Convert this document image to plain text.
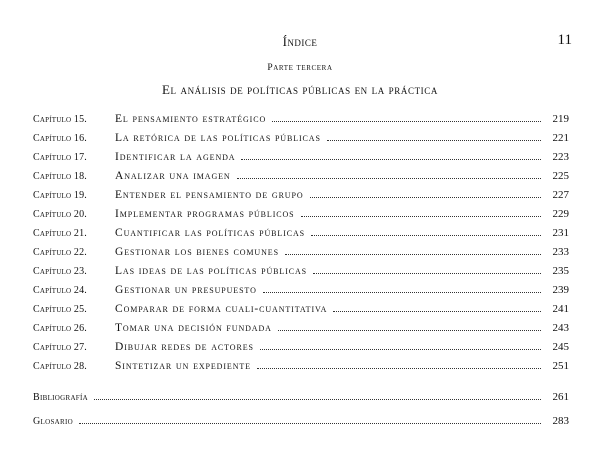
Índice	11
Parte tercera
El análisis de políticas públicas en la práctica
Capítulo 15.	El pensamiento estratégico	219
Capítulo 16.	La retórica de las políticas públicas	221
Capítulo 17.	Identificar la agenda	223
Capítulo 18.	Analizar una imagen	225
Capítulo 19.	Entender el pensamiento de grupo	227
Capítulo 20.	Implementar programas públicos	229
Capítulo 21.	Cuantificar las políticas públicas	231
Capítulo 22.	Gestionar los bienes comunes	233
Capítulo 23.	Las ideas de las políticas públicas	235
Capítulo 24.	Gestionar un presupuesto	239
Capítulo 25.	Comparar de forma cuali-cuantitativa	241
Capítulo 26.	Tomar una decisión fundada	243
Capítulo 27.	Dibujar redes de actores	245
Capítulo 28.	Sintetizar un expediente	251
Bibliografía	261
Glosario	283
